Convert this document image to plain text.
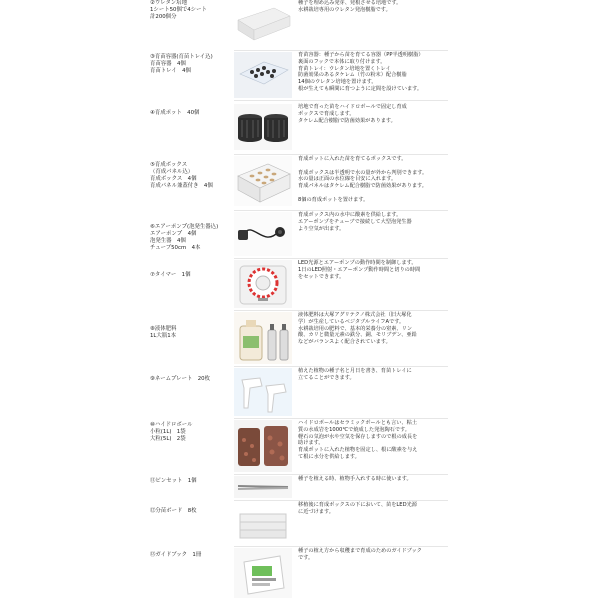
②ウレタン培地
1シート50個で4シート
計200個分
種子を埋め込み発芽、発根させる培地です。
水耕栽培専用のウレタン発泡樹脂です。
③育苗容器(育苗トレイ込)
育苗容器　4個
育苗トレイ　4個
育苗容器：種子から苗を育てる容器（PP半透明樹脂）
裏面のフックで本体に取り付けます。
育苗トレイ：ウレタン培地を置くトレイ
防菌効果のあるタケレム（竹の粉末）配合樹脂
14個のウレタン培地を置けます。
根が生えても瞬間に育つように定間を設けています。
④育成ポット　40個
培地で育った苗をハイドロボールで固定し育成
ボックスで育成します。
タケレム配合樹脂で防菌効果があります。
⑤育成ボックス
（育成パネル込）
育成ボックス　4個
育成パネル兼蓋付き　4個
育成ポットに入れた苗を育てるボックスです。

育成ボックスは半透明で水の量が外から判別できます。
水の量は正面の水位線を目安に入れます。
育成パネルはタケレム配合樹脂で防菌効果があります。

8個の育成ポットを置けます。
⑥エアーポンプ(泡発生器込)
エアーポンプ　4個
泡発生器　4個
チューブ50cm　4本
育成ボックス内の水中に酸素を供給します。
エアーポンプをチューブで接続して大型泡発生器
より空気が出ます。
⑦タイマー　1個
LED光源とエアーポンプの動作時間を制御します。
1日のLED照射・エアーポンプ動作時間と切りの時間
をセットできます。
⑧液体肥料
1L大瓶1本
液体肥料は大塚アグリテクノ株式会社（旧大塚化
学）が生産しているベジタブルライフAです。
水耕栽培用の肥料で、基本的栄養分の窒素、リン
酸、カリと微量元素の鉄分、銅、モリブデン、亜鉛
などがバランスよく配合されています。
⑨ネームプレート　20枚
植えた植物の種子名と月日を書き、育苗トレイに
立てることができます。
⑩ハイドロボール
小粒(1L)　1袋
大粒(5L)　2袋
ハイドロボールはセラミックボールとも言い、粘土
質の水成岩を1000℃で焼成した発泡陶石です。
軽石の気泡が水や空気を保存しますので根の成長を
助けます。
育成ポットに入れた植物を固定し、根に酸素を与え
て根に水分を供給します。
⑪ピンセット　1個	種子を植える時、植物手入れする時に使います。
⑫分苗ボード　8枚
移植後に育成ボックスの下において、苗をLED光源
に近づけます。
⑬ガイドブック　1冊
種子の植え方から収穫まで育成のためのガイドブック
です。
